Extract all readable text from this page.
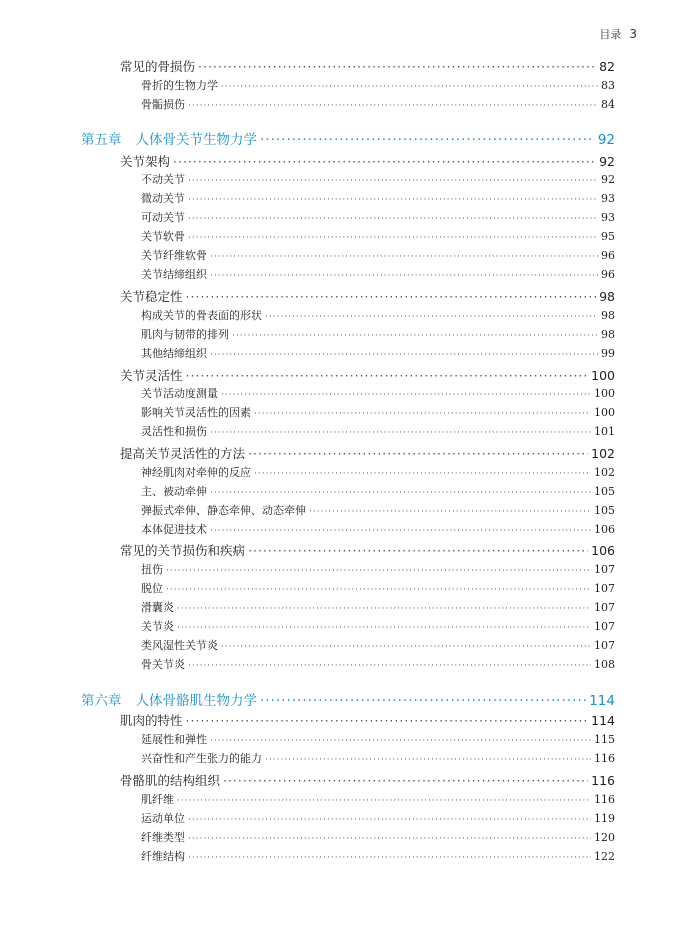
目录 3
常见的骨损伤 ·····	82
骨折的生物力学 ·····	83
骨骺损伤 ·····	84
第五章 人体骨关节生物力学 ·····	92
关节架构 ·····	92
不动关节 ·····	92
微动关节 ·····	93
可动关节 ·····	93
关节软骨 ·····	95
关节纤维软骨 ·····	96
关节结缔组织 ·····	96
关节稳定性 ·····	98
构成关节的骨表面的形状 ·····	98
肌肉与韧带的排列 ·····	98
其他结缔组织 ·····	99
关节灵活性 ·····	100
关节活动度测量 ·····	100
影响关节灵活性的因素 ·····	100
灵活性和损伤 ·····	101
提高关节灵活性的方法 ·····	102
神经肌肉对牵伸的反应 ·····	102
主、被动牵伸 ·····	105
弹振式牵伸、静态牵伸、动态牵伸 ·····	105
本体促进技术 ·····	106
常见的关节损伤和疾病 ·····	106
扭伤 ·····	107
脱位 ·····	107
滑囊炎 ·····	107
关节炎 ·····	107
类风湿性关节炎 ·····	107
骨关节炎 ·····	108
第六章 人体骨骼肌生物力学 ·····	114
肌肉的特性 ·····	114
延展性和弹性 ·····	115
兴奋性和产生张力的能力 ·····	116
骨骼肌的结构组织 ·····	116
肌纤维 ·····	116
运动单位 ·····	119
纤维类型 ·····	120
纤维结构 ·····	122
